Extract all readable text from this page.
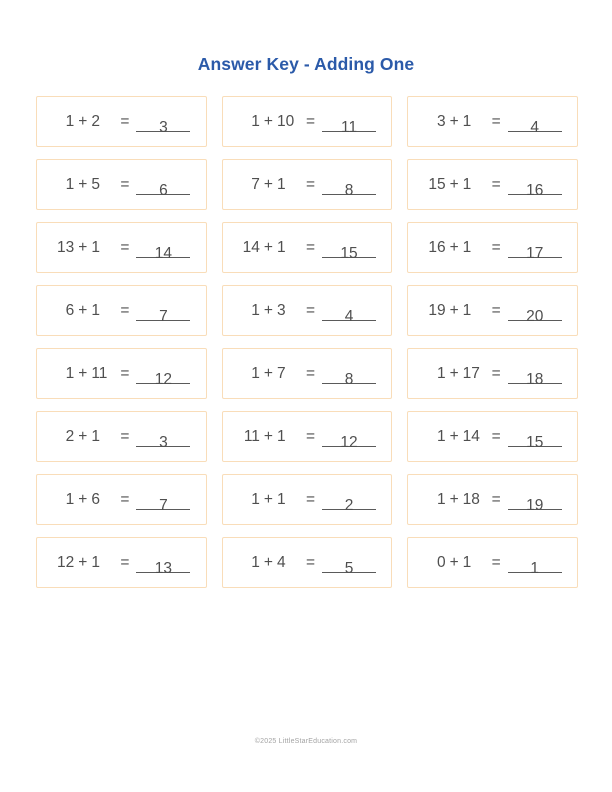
Answer Key - Adding One
1 + 2	=	3	1 + 10 =	11	3 + 1	=	4
1 + 5	=	6	7 + 1	=	8	15 + 1	=	16
13 + 1	=	14	14 + 1	=	15	16 + 1	=	17
6 + 1	=	7	1 + 3	=	4	19 + 1	=	20
1 + 11 =	12	1 + 7	=	8	1 + 17 =	18
2 + 1	=	3	11 + 1	=	12	1 + 14 =	15
1 + 6	=	7	1 + 1	=	2	1 + 18 =	19
12 + 1	=	13	1 + 4	=	5	0 + 1	=	1
©2025 LittleStarEducation.com
